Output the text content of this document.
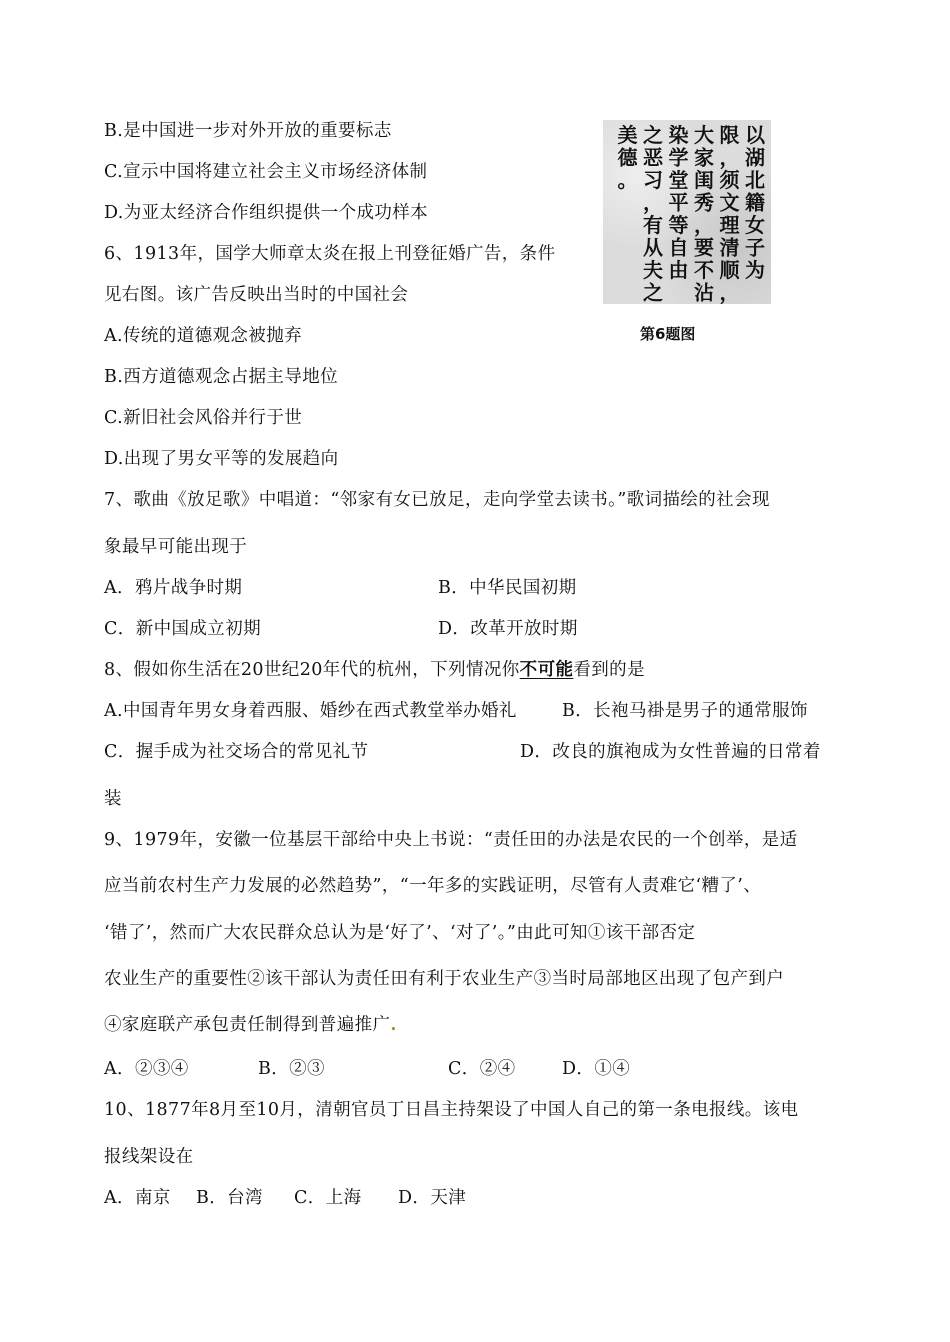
B.是中国进一步对外开放的重要标志
C.宣示中国将建立社会主义市场经济体制
D.为亚太经济合作组织提供一个成功样本
6、1913年，国学大师章太炎在报上刊登征婚广告，条件
见右图。该广告反映出当时的中国社会
A.传统的道德观念被抛弃
B.西方道德观念占据主导地位
C.新旧社会风俗并行于世
D.出现了男女平等的发展趋向
以湖北籍女子为
限，须文理清顺，
大家闺秀，要不沾
染学堂平等自由
之恶习，有从夫之
美德。
第6题图
7、歌曲《放足歌》中唱道：“邻家有女已放足，走向学堂去读书。”歌词描绘的社会现
象最早可能出现于
A．鸦片战争时期	B．中华民国初期
C．新中国成立初期	D．改革开放时期
8、假如你生活在20世纪20年代的杭州，下列情况你不可能看到的是
A.中国青年男女身着西服、婚纱在西式教堂举办婚礼	B．长袍马褂是男子的通常服饰
C．握手成为社交场合的常见礼节	D．改良的旗袍成为女性普遍的日常着
装
9、1979年，安徽一位基层干部给中央上书说：“责任田的办法是农民的一个创举，是适
应当前农村生产力发展的必然趋势”，“一年多的实践证明，尽管有人责难它‘糟了’、
‘错了’，然而广大农民群众总认为是‘好了’、‘对了’。”由此可知①该干部否定
农业生产的重要性②该干部认为责任田有利于农业生产③当时局部地区出现了包产到户
④家庭联产承包责任制得到普遍推广.
A．②③④	B．②③	C．②④	D．①④
10、1877年8月至10月，清朝官员丁日昌主持架设了中国人自己的第一条电报线。该电
报线架设在
A．南京 B．台湾 C．上海 D．天津
